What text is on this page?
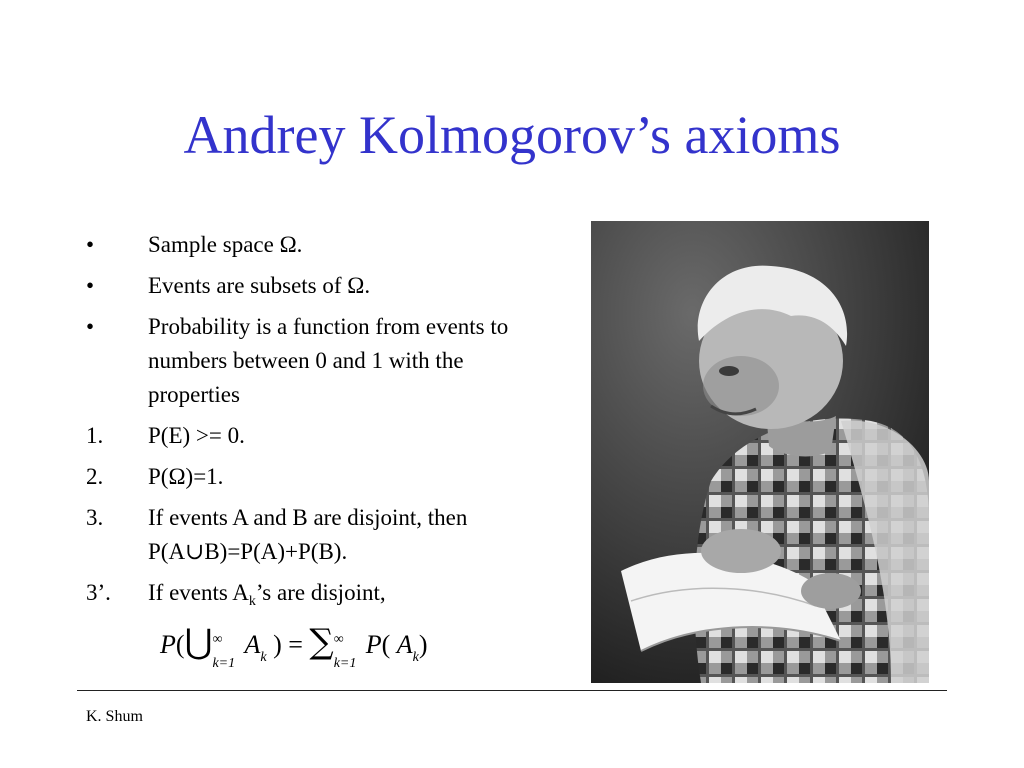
Andrey Kolmogorov’s axioms
• Sample space Ω.
• Events are subsets of Ω.
• Probability is a function from events to numbers between 0 and 1 with the properties
1. P(E) >= 0.
2. P(Ω)=1.
3. If events A and B are disjoint, then P(A∪B)=P(A)+P(B).
3’. If events $A_k’s$ are disjoint,
P(⋃ ∞
k=1
$A_k$ ) = ∑ ∞
k=1
P( $A_k$)
K. Shum
